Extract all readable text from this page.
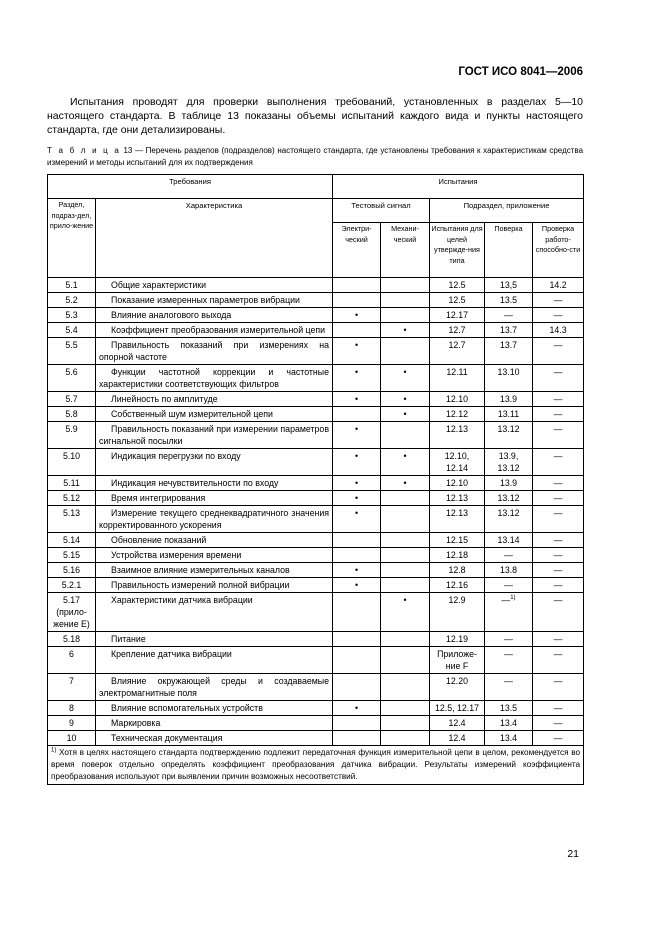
ГОСТ ИСО 8041—2006

Испытания проводят для проверки выполнения требований, установленных в разделах 5—10 настоящего стандарта. В таблице 13 показаны объемы испытаний каждого вида и пункты настоящего стандарта, где они детализированы.

Т а б л и ц а 13 — Перечень разделов (подразделов) настоящего стандарта, где установлены требования к характеристикам средства измерений и методы испытаний для их подтверждения

Требования		Испытания				
Раздел, подраз-дел, прило-жение	Характеристика	Тестовый сигнал		Подраздел, приложение		
		Электри-ческий	Механи-ческий	Испытания для целей утвержде-ния типа	Поверка	Проверка работо-способно-сти
5.1	Общие характеристики			12.5	13,5	14.2
5.2	Показание измеренных параметров вибрации			12.5	13.5	—
5.3	Влияние аналогового выхода	•		12.17	—	—
5.4	Коэффициент преобразования измерительной цепи		•	12.7	13.7	14.3
5.5	Правильность показаний при измерениях на опорной частоте	•		12.7	13.7	—
5.6	Функции частотной коррекции и частотные характеристики соответствующих фильтров	•	•	12.11	13.10	—
5.7	Линейность по амплитуде	•	•	12.10	13.9	—
5.8	Собственный шум измерительной цепи		•	12.12	13.11	—
5.9	Правильность показаний при измерении параметров сигнальной посылки	•		12.13	13.12	—
5.10	Индикация перегрузки по входу	•	•	12.10, 12.14	13.9, 13.12	—
5.11	Индикация нечувствительности по входу	•	•	12.10	13.9	—
5.12	Время интегрирования	•		12.13	13.12	—
5.13	Измерение текущего среднеквадратичного значения корректированного ускорения	•		12.13	13.12	—
5.14	Обновление показаний			12.15	13.14	—
5.15	Устройства измерения времени			12.18	—	—
5.16	Взаимное влияние измерительных каналов	•		12.8	13.8	—
5.2.1	Правильность измерений полной вибрации	•		12.16	—	—
5.17 (прило-жение Е)	Характеристики датчика вибрации		•	12.9	—$^{1)}$	—
5.18	Питание			12.19	—	—
6	Крепление датчика вибрации			Приложе-ние F	—	—
7	Влияние окружающей среды и создаваемые электромагнитные поля			12.20	—	—
8	Влияние вспомогательных устройств	•		12.5, 12.17	13.5	—
9	Маркировка			12.4	13.4	—
10	Техническая документация			12.4	13.4	—
$^{1)}$ Хотя в целях настоящего стандарта подтверждению подлежит передаточная функция измерительной цепи в целом, рекомендуется во время поверок отдельно определять коэффициент преобразования датчика вибрации. Результаты измерений коэффициента преобразования используют при выявлении причин возможных несоответствий.						
21
